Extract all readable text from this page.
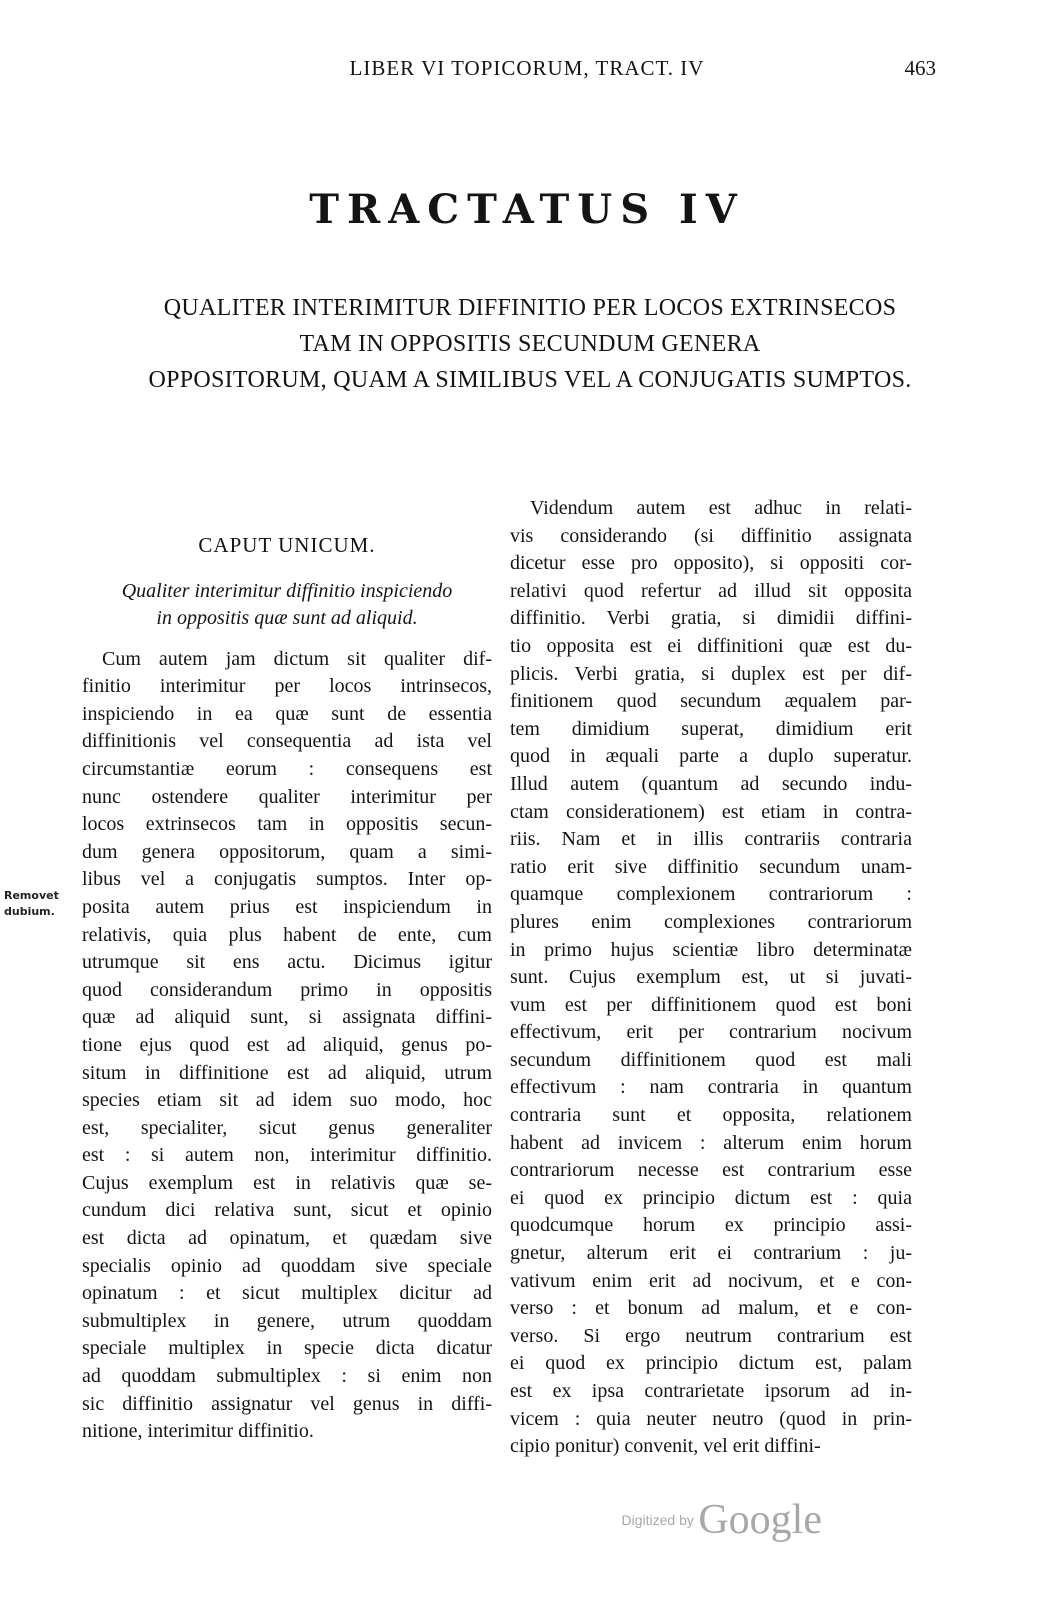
LIBER VI TOPICORUM, TRACT. IV	463
TRACTATUS IV
QUALITER INTERIMITUR DIFFINITIO PER LOCOS EXTRINSECOS
TAM IN OPPOSITIS SECUNDUM GENERA
OPPOSITORUM, QUAM A SIMILIBUS VEL A CONJUGATIS SUMPTOS.
Removet
dubium.
CAPUT UNICUM.
Qualiter interimitur diffinitio inspiciendo
in oppositis quæ sunt ad aliquid.
Cum autem jam dictum sit qualiter dif-
finitio interimitur per locos intrinsecos,
inspiciendo in ea quæ sunt de essentia
diffinitionis vel consequentia ad ista vel
circumstantiæ eorum : consequens est
nunc ostendere qualiter interimitur per
locos extrinsecos tam in oppositis secun-
dum genera oppositorum, quam a simi-
libus vel a conjugatis sumptos. Inter op-
posita autem prius est inspiciendum in
relativis, quia plus habent de ente, cum
utrumque sit ens actu. Dicimus igitur
quod considerandum primo in oppositis
quæ ad aliquid sunt, si assignata diffini-
tione ejus quod est ad aliquid, genus po-
situm in diffinitione est ad aliquid, utrum
species etiam sit ad idem suo modo, hoc
est, specialiter, sicut genus generaliter
est : si autem non, interimitur diffinitio.
Cujus exemplum est in relativis quæ se-
cundum dici relativa sunt, sicut et opinio
est dicta ad opinatum, et quædam sive
specialis opinio ad quoddam sive speciale
opinatum : et sicut multiplex dicitur ad
submultiplex in genere, utrum quoddam
speciale multiplex in specie dicta dicatur
ad quoddam submultiplex : si enim non
sic diffinitio assignatur vel genus in diffi-
nitione, interimitur diffinitio.
Videndum autem est adhuc in relati-
vis considerando (si diffinitio assignata
dicetur esse pro opposito), si oppositi cor-
relativi quod refertur ad illud sit opposita
diffinitio. Verbi gratia, si dimidii diffini-
tio opposita est ei diffinitioni quæ est du-
plicis. Verbi gratia, si duplex est per dif-
finitionem quod secundum æqualem par-
tem dimidium superat, dimidium erit
quod in æquali parte a duplo superatur.
Illud autem (quantum ad secundo indu-
ctam considerationem) est etiam in contra-
riis. Nam et in illis contrariis contraria
ratio erit sive diffinitio secundum unam-
quamque complexionem contrariorum :
plures enim complexiones contrariorum
in primo hujus scientiæ libro determinatæ
sunt. Cujus exemplum est, ut si juvati-
vum est per diffinitionem quod est boni
effectivum, erit per contrarium nocivum
secundum diffinitionem quod est mali
effectivum : nam contraria in quantum
contraria sunt et opposita, relationem
habent ad invicem : alterum enim horum
contrariorum necesse est contrarium esse
ei quod ex principio dictum est : quia
quodcumque horum ex principio assi-
gnetur, alterum erit ei contrarium : ju-
vativum enim erit ad nocivum, et e con-
verso : et bonum ad malum, et e con-
verso. Si ergo neutrum contrarium est
ei quod ex principio dictum est, palam
est ex ipsa contrarietate ipsorum ad in-
vicem : quia neuter neutro (quod in prin-
cipio ponitur) convenit, vel erit diffini-
Digitized by Google
